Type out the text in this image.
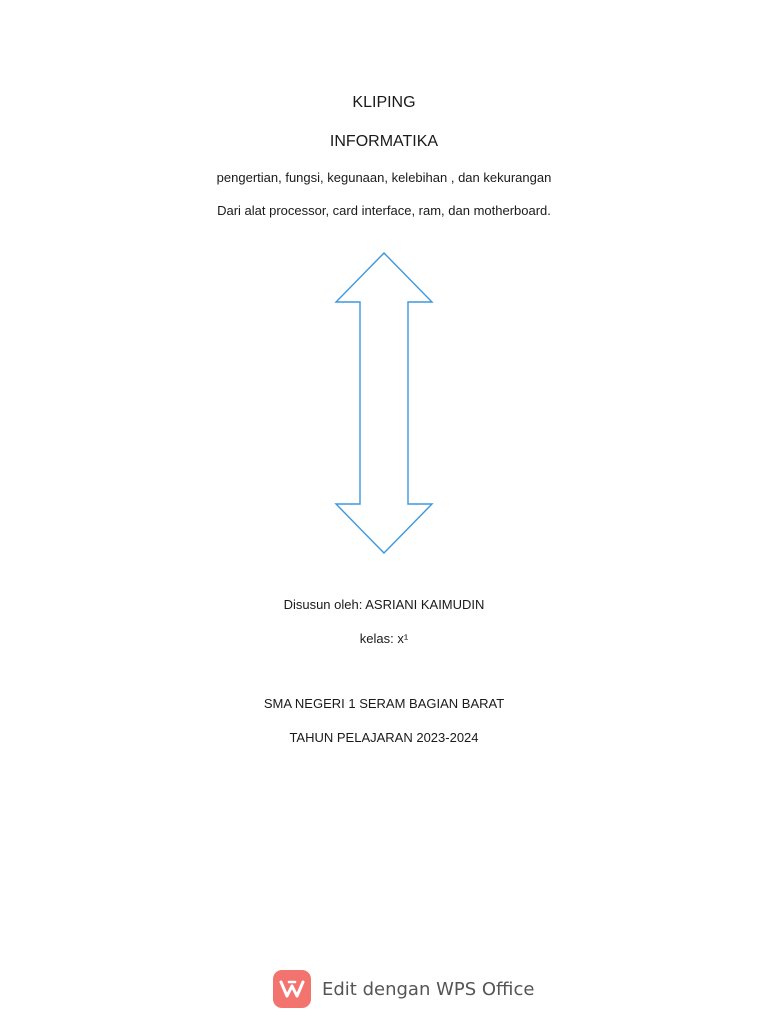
KLIPING
INFORMATIKA
pengertian, fungsi, kegunaan, kelebihan , dan kekurangan
Dari alat processor, card interface, ram, dan motherboard.
Disusun oleh: ASRIANI KAIMUDIN
kelas: x¹
SMA NEGERI 1 SERAM BAGIAN BARAT
TAHUN PELAJARAN 2023-2024
Edit dengan WPS Office
